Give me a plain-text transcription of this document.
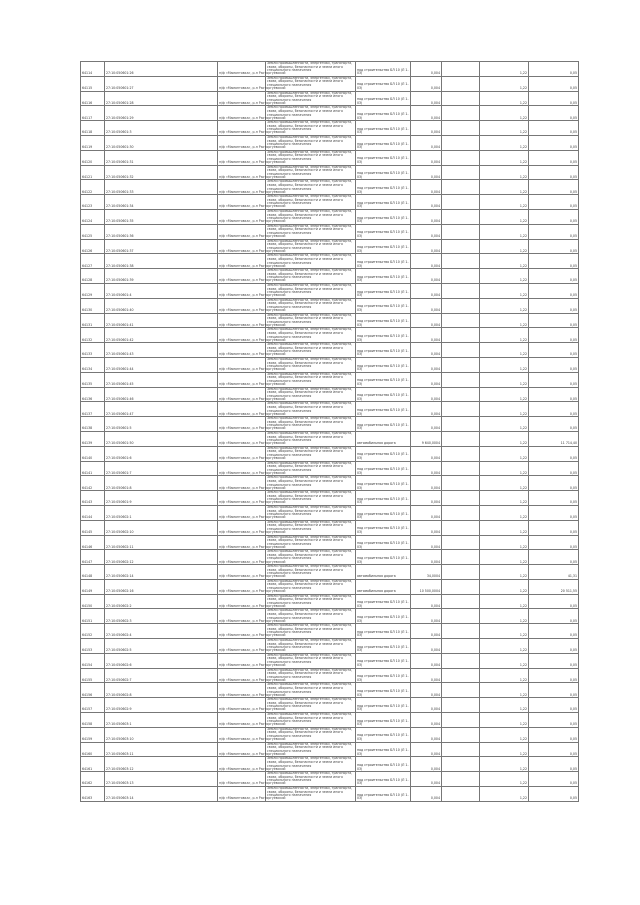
64114	27:10:050601:26	п/ф «Мамонтовка», р-н Расторгуевский	Земли промышленности, энергетики, транспорта, связи, обороны, безопасности и земли иного специального назначения	под строительство БЛ 10 (Л 1-03)	0,004		1,22	0,05
64115	27:10:050601:27	п/ф «Мамонтовка», р-н Расторгуевский	Земли промышленности, энергетики, транспорта, связи, обороны, безопасности и земли иного специального назначения	под строительство БЛ 10 (Л 1-03)	0,004		1,22	0,05
64116	27:10:050601:28	п/ф «Мамонтовка», р-н Расторгуевский	Земли промышленности, энергетики, транспорта, связи, обороны, безопасности и земли иного специального назначения	под строительство БЛ 10 (Л 1-03)	0,004		1,22	0,05
64117	27:10:050601:29	п/ф «Мамонтовка», р-н Расторгуевский	Земли промышленности, энергетики, транспорта, связи, обороны, безопасности и земли иного специального назначения	под строительство БЛ 10 (Л 1-03)	0,004		1,22	0,05
64118	27:10:050601:3	п/ф «Мамонтовка», р-н Расторгуевский	Земли промышленности, энергетики, транспорта, связи, обороны, безопасности и земли иного специального назначения	под строительство БЛ 10 (Л 1-03)	0,004		1,22	0,05
64119	27:10:050601:30	п/ф «Мамонтовка», р-н Расторгуевский	Земли промышленности, энергетики, транспорта, связи, обороны, безопасности и земли иного специального назначения	под строительство БЛ 10 (Л 1-03)	0,004		1,22	0,05
64120	27:10:050601:31	п/ф «Мамонтовка», р-н Расторгуевский	Земли промышленности, энергетики, транспорта, связи, обороны, безопасности и земли иного специального назначения	под строительство БЛ 10 (Л 1-03)	0,004		1,22	0,05
64121	27:10:050601:32	п/ф «Мамонтовка», р-н Расторгуевский	Земли промышленности, энергетики, транспорта, связи, обороны, безопасности и земли иного специального назначения	под строительство БЛ 10 (Л 1-03)	0,004		1,22	0,05
64122	27:10:050601:33	п/ф «Мамонтовка», р-н Расторгуевский	Земли промышленности, энергетики, транспорта, связи, обороны, безопасности и земли иного специального назначения	под строительство БЛ 10 (Л 1-03)	0,004		1,22	0,05
64123	27:10:050601:34	п/ф «Мамонтовка», р-н Расторгуевский	Земли промышленности, энергетики, транспорта, связи, обороны, безопасности и земли иного специального назначения	под строительство БЛ 10 (Л 1-03)	0,004		1,22	0,05
64124	27:10:050601:35	п/ф «Мамонтовка», р-н Расторгуевский	Земли промышленности, энергетики, транспорта, связи, обороны, безопасности и земли иного специального назначения	под строительство БЛ 10 (Л 1-03)	0,004		1,22	0,05
64125	27:10:050601:36	п/ф «Мамонтовка», р-н Расторгуевский	Земли промышленности, энергетики, транспорта, связи, обороны, безопасности и земли иного специального назначения	под строительство БЛ 10 (Л 1-03)	0,004		1,22	0,05
64126	27:10:050601:37	п/ф «Мамонтовка», р-н Расторгуевский	Земли промышленности, энергетики, транспорта, связи, обороны, безопасности и земли иного специального назначения	под строительство БЛ 10 (Л 1-03)	0,004		1,22	0,05
64127	27:10:050601:38	п/ф «Мамонтовка», р-н Расторгуевский	Земли промышленности, энергетики, транспорта, связи, обороны, безопасности и земли иного специального назначения	под строительство БЛ 10 (Л 1-03)	0,004		1,22	0,05
64128	27:10:050601:39	п/ф «Мамонтовка», р-н Расторгуевский	Земли промышленности, энергетики, транспорта, связи, обороны, безопасности и земли иного специального назначения	под строительство БЛ 10 (Л 1-03)	0,004		1,22	0,05
64129	27:10:050601:4	п/ф «Мамонтовка», р-н Расторгуевский	Земли промышленности, энергетики, транспорта, связи, обороны, безопасности и земли иного специального назначения	под строительство БЛ 10 (Л 1-03)	0,004		1,22	0,05
64130	27:10:050601:40	п/ф «Мамонтовка», р-н Расторгуевский	Земли промышленности, энергетики, транспорта, связи, обороны, безопасности и земли иного специального назначения	под строительство БЛ 10 (Л 1-03)	0,004		1,22	0,05
64131	27:10:050601:41	п/ф «Мамонтовка», р-н Расторгуевский	Земли промышленности, энергетики, транспорта, связи, обороны, безопасности и земли иного специального назначения	под строительство БЛ 10 (Л 1-03)	0,004		1,22	0,05
64132	27:10:050601:42	п/ф «Мамонтовка», р-н Расторгуевский	Земли промышленности, энергетики, транспорта, связи, обороны, безопасности и земли иного специального назначения	под строительство БЛ 10 (Л 1-03)	0,004		1,22	0,05
64133	27:10:050601:43	п/ф «Мамонтовка», р-н Расторгуевский	Земли промышленности, энергетики, транспорта, связи, обороны, безопасности и земли иного специального назначения	под строительство БЛ 10 (Л 1-03)	0,004		1,22	0,05
64134	27:10:050601:44	п/ф «Мамонтовка», р-н Расторгуевский	Земли промышленности, энергетики, транспорта, связи, обороны, безопасности и земли иного специального назначения	под строительство БЛ 10 (Л 1-03)	0,004		1,22	0,05
64135	27:10:050601:45	п/ф «Мамонтовка», р-н Расторгуевский	Земли промышленности, энергетики, транспорта, связи, обороны, безопасности и земли иного специального назначения	под строительство БЛ 10 (Л 1-03)	0,004		1,22	0,05
64136	27:10:050601:46	п/ф «Мамонтовка», р-н Расторгуевский	Земли промышленности, энергетики, транспорта, связи, обороны, безопасности и земли иного специального назначения	под строительство БЛ 10 (Л 1-03)	0,004		1,22	0,05
64137	27:10:050601:47	п/ф «Мамонтовка», р-н Расторгуевский	Земли промышленности, энергетики, транспорта, связи, обороны, безопасности и земли иного специального назначения	под строительство БЛ 10 (Л 1-03)	0,004		1,22	0,05
64138	27:10:050601:5	п/ф «Мамонтовка», р-н Расторгуевский	Земли промышленности, энергетики, транспорта, связи, обороны, безопасности и земли иного специального назначения	под строительство БЛ 10 (Л 1-03)	0,004		1,22	0,05
64139	27:10:050601:50	п/ф «Мамонтовка», р-н Расторгуевский	Земли промышленности, энергетики, транспорта, связи, обороны, безопасности и земли иного специального назначения	автомобильная дорога	9 640,0004		1,22	11 714,40
64140	27:10:050601:6	п/ф «Мамонтовка», р-н Расторгуевский	Земли промышленности, энергетики, транспорта, связи, обороны, безопасности и земли иного специального назначения	под строительство БЛ 10 (Л 1-03)	0,004		1,22	0,05
64141	27:10:050601:7	п/ф «Мамонтовка», р-н Расторгуевский	Земли промышленности, энергетики, транспорта, связи, обороны, безопасности и земли иного специального назначения	под строительство БЛ 10 (Л 1-03)	0,004		1,22	0,05
64142	27:10:050601:8	п/ф «Мамонтовка», р-н Расторгуевский	Земли промышленности, энергетики, транспорта, связи, обороны, безопасности и земли иного специального назначения	под строительство БЛ 10 (Л 1-03)	0,004		1,22	0,05
64143	27:10:050601:9	п/ф «Мамонтовка», р-н Расторгуевский	Земли промышленности, энергетики, транспорта, связи, обороны, безопасности и земли иного специального назначения	под строительство БЛ 10 (Л 1-03)	0,004		1,22	0,05
64144	27:10:050602:1	п/ф «Мамонтовка», р-н Расторгуевский	Земли промышленности, энергетики, транспорта, связи, обороны, безопасности и земли иного специального назначения	под строительство БЛ 10 (Л 1-03)	0,004		1,22	0,05
64145	27:10:050602:10	п/ф «Мамонтовка», р-н Расторгуевский	Земли промышленности, энергетики, транспорта, связи, обороны, безопасности и земли иного специального назначения	под строительство БЛ 10 (Л 1-03)	0,004		1,22	0,05
64146	27:10:050602:11	п/ф «Мамонтовка», р-н Расторгуевский	Земли промышленности, энергетики, транспорта, связи, обороны, безопасности и земли иного специального назначения	под строительство БЛ 10 (Л 1-03)	0,004		1,22	0,05
64147	27:10:050602:12	п/ф «Мамонтовка», р-н Расторгуевский	Земли промышленности, энергетики, транспорта, связи, обороны, безопасности и земли иного специального назначения	под строительство БЛ 10 (Л 1-03)	0,004		1,22	0,05
64148	27:10:050602:14	п/ф «Мамонтовка», р-н Расторгуевский	Земли промышленности, энергетики, транспорта, связи, обороны, безопасности и земли иного специального назначения	автомобильная дорога	34,0004		1,22	41,31
64149	27:10:050602:16	п/ф «Мамонтовка», р-н Расторгуевский	Земли промышленности, энергетики, транспорта, связи, обороны, безопасности и земли иного специального назначения	автомобильная дорога	10 500,0004		1,22	20 511,55
64150	27:10:050602:2	п/ф «Мамонтовка», р-н Расторгуевский	Земли промышленности, энергетики, транспорта, связи, обороны, безопасности и земли иного специального назначения	под строительство БЛ 10 (Л 1-03)	0,004		1,22	0,05
64151	27:10:050602:3	п/ф «Мамонтовка», р-н Расторгуевский	Земли промышленности, энергетики, транспорта, связи, обороны, безопасности и земли иного специального назначения	под строительство БЛ 10 (Л 1-03)	0,004		1,22	0,05
64152	27:10:050602:4	п/ф «Мамонтовка», р-н Расторгуевский	Земли промышленности, энергетики, транспорта, связи, обороны, безопасности и земли иного специального назначения	под строительство БЛ 10 (Л 1-03)	0,004		1,22	0,05
64153	27:10:050602:5	п/ф «Мамонтовка», р-н Расторгуевский	Земли промышленности, энергетики, транспорта, связи, обороны, безопасности и земли иного специального назначения	под строительство БЛ 10 (Л 1-03)	0,004		1,22	0,05
64154	27:10:050602:6	п/ф «Мамонтовка», р-н Расторгуевский	Земли промышленности, энергетики, транспорта, связи, обороны, безопасности и земли иного специального назначения	под строительство БЛ 10 (Л 1-03)	0,004		1,22	0,05
64155	27:10:050602:7	п/ф «Мамонтовка», р-н Расторгуевский	Земли промышленности, энергетики, транспорта, связи, обороны, безопасности и земли иного специального назначения	под строительство БЛ 10 (Л 1-03)	0,004		1,22	0,05
64156	27:10:050602:8	п/ф «Мамонтовка», р-н Расторгуевский	Земли промышленности, энергетики, транспорта, связи, обороны, безопасности и земли иного специального назначения	под строительство БЛ 10 (Л 1-03)	0,004		1,22	0,05
64157	27:10:050602:9	п/ф «Мамонтовка», р-н Расторгуевский	Земли промышленности, энергетики, транспорта, связи, обороны, безопасности и земли иного специального назначения	под строительство БЛ 10 (Л 1-03)	0,004		1,22	0,05
64158	27:10:050603:1	п/ф «Мамонтовка», р-н Расторгуевский	Земли промышленности, энергетики, транспорта, связи, обороны, безопасности и земли иного специального назначения	под строительство БЛ 10 (Л 1-03)	0,004		1,22	0,05
64159	27:10:050603:10	п/ф «Мамонтовка», р-н Расторгуевский	Земли промышленности, энергетики, транспорта, связи, обороны, безопасности и земли иного специального назначения	под строительство БЛ 10 (Л 1-03)	0,004		1,22	0,05
64160	27:10:050603:11	п/ф «Мамонтовка», р-н Расторгуевский	Земли промышленности, энергетики, транспорта, связи, обороны, безопасности и земли иного специального назначения	под строительство БЛ 10 (Л 1-03)	0,004		1,22	0,05
64161	27:10:050603:12	п/ф «Мамонтовка», р-н Расторгуевский	Земли промышленности, энергетики, транспорта, связи, обороны, безопасности и земли иного специального назначения	под строительство БЛ 10 (Л 1-03)	0,004		1,22	0,05
64162	27:10:050603:13	п/ф «Мамонтовка», р-н Расторгуевский	Земли промышленности, энергетики, транспорта, связи, обороны, безопасности и земли иного специального назначения	под строительство БЛ 10 (Л 1-03)	0,004		1,22	0,05
64163	27:10:050603:14	п/ф «Мамонтовка», р-н Расторгуевский	Земли промышленности, энергетики, транспорта, связи, обороны, безопасности и земли иного специального назначения	под строительство БЛ 10 (Л 1-03)	0,004		1,22	0,05
